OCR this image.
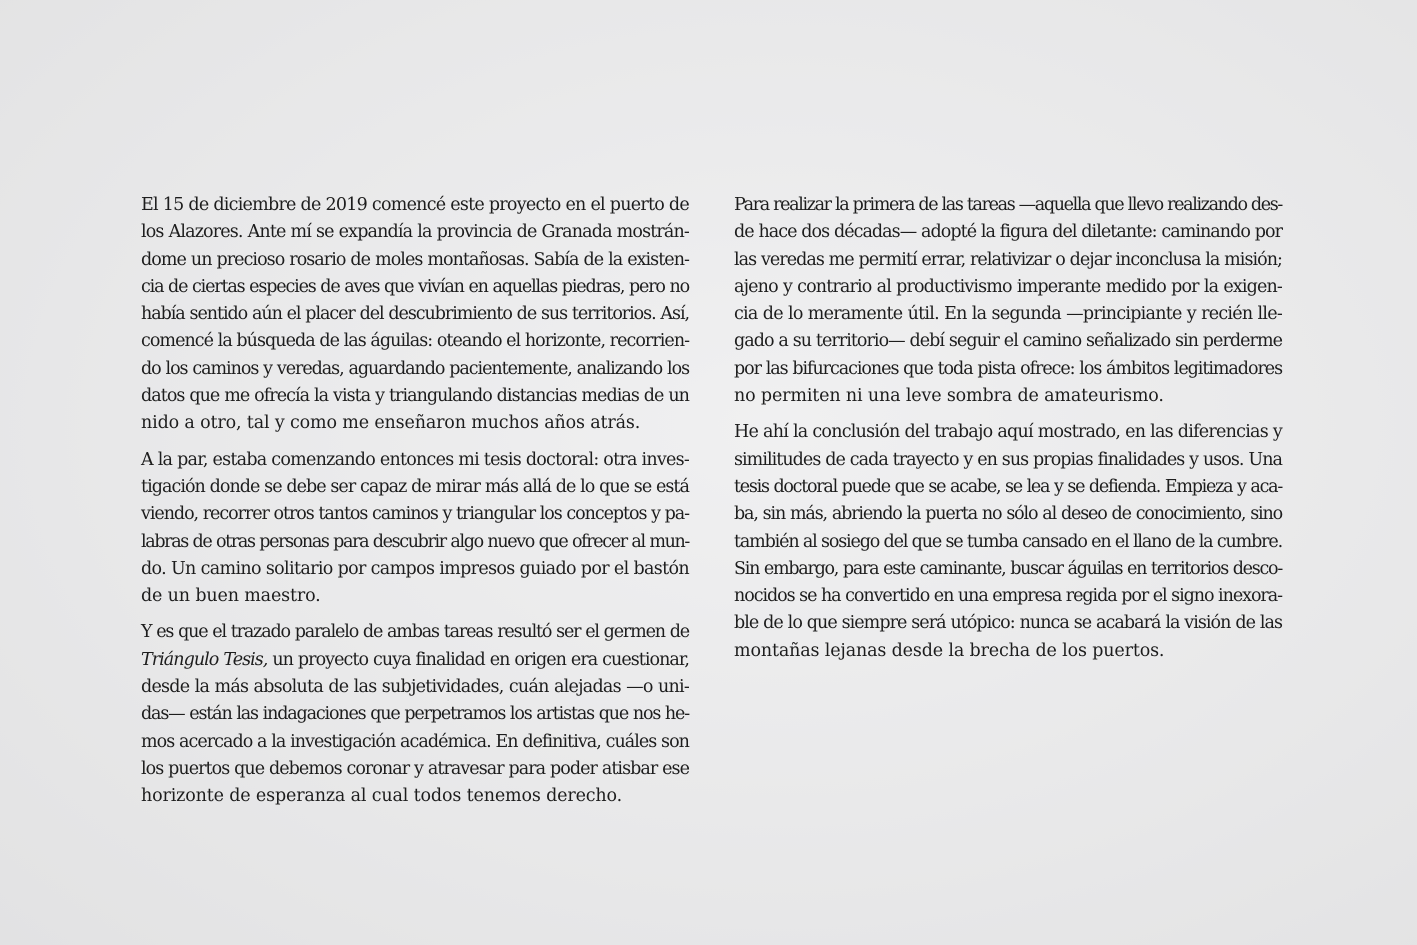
El 15 de diciembre de 2019 comencé este proyecto en el puerto de
los Alazores. Ante mí se expandía la provincia de Granada mostrán-
dome un precioso rosario de moles montañosas. Sabía de la existen-
cia de ciertas especies de aves que vivían en aquellas piedras, pero no
había sentido aún el placer del descubrimiento de sus territorios. Así,
comencé la búsqueda de las águilas: oteando el horizonte, recorrien-
do los caminos y veredas, aguardando pacientemente, analizando los
datos que me ofrecía la vista y triangulando distancias medias de un
nido a otro, tal y como me enseñaron muchos años atrás.
A la par, estaba comenzando entonces mi tesis doctoral: otra inves-
tigación donde se debe ser capaz de mirar más allá de lo que se está
viendo, recorrer otros tantos caminos y triangular los conceptos y pa-
labras de otras personas para descubrir algo nuevo que ofrecer al mun-
do. Un camino solitario por campos impresos guiado por el bastón
de un buen maestro.
Y es que el trazado paralelo de ambas tareas resultó ser el germen de
Triángulo Tesis, un proyecto cuya finalidad en origen era cuestionar,
desde la más absoluta de las subjetividades, cuán alejadas —o uni-
das— están las indagaciones que perpetramos los artistas que nos he-
mos acercado a la investigación académica. En definitiva, cuáles son
los puertos que debemos coronar y atravesar para poder atisbar ese
horizonte de esperanza al cual todos tenemos derecho.
Para realizar la primera de las tareas —aquella que llevo realizando des-
de hace dos décadas— adopté la figura del diletante: caminando por
las veredas me permití errar, relativizar o dejar inconclusa la misión;
ajeno y contrario al productivismo imperante medido por la exigen-
cia de lo meramente útil. En la segunda —principiante y recién lle-
gado a su territorio— debí seguir el camino señalizado sin perderme
por las bifurcaciones que toda pista ofrece: los ámbitos legitimadores
no permiten ni una leve sombra de amateurismo.
He ahí la conclusión del trabajo aquí mostrado, en las diferencias y
similitudes de cada trayecto y en sus propias finalidades y usos. Una
tesis doctoral puede que se acabe, se lea y se defienda. Empieza y aca-
ba, sin más, abriendo la puerta no sólo al deseo de conocimiento, sino
también al sosiego del que se tumba cansado en el llano de la cumbre.
Sin embargo, para este caminante, buscar águilas en territorios desco-
nocidos se ha convertido en una empresa regida por el signo inexora-
ble de lo que siempre será utópico: nunca se acabará la visión de las
montañas lejanas desde la brecha de los puertos.
